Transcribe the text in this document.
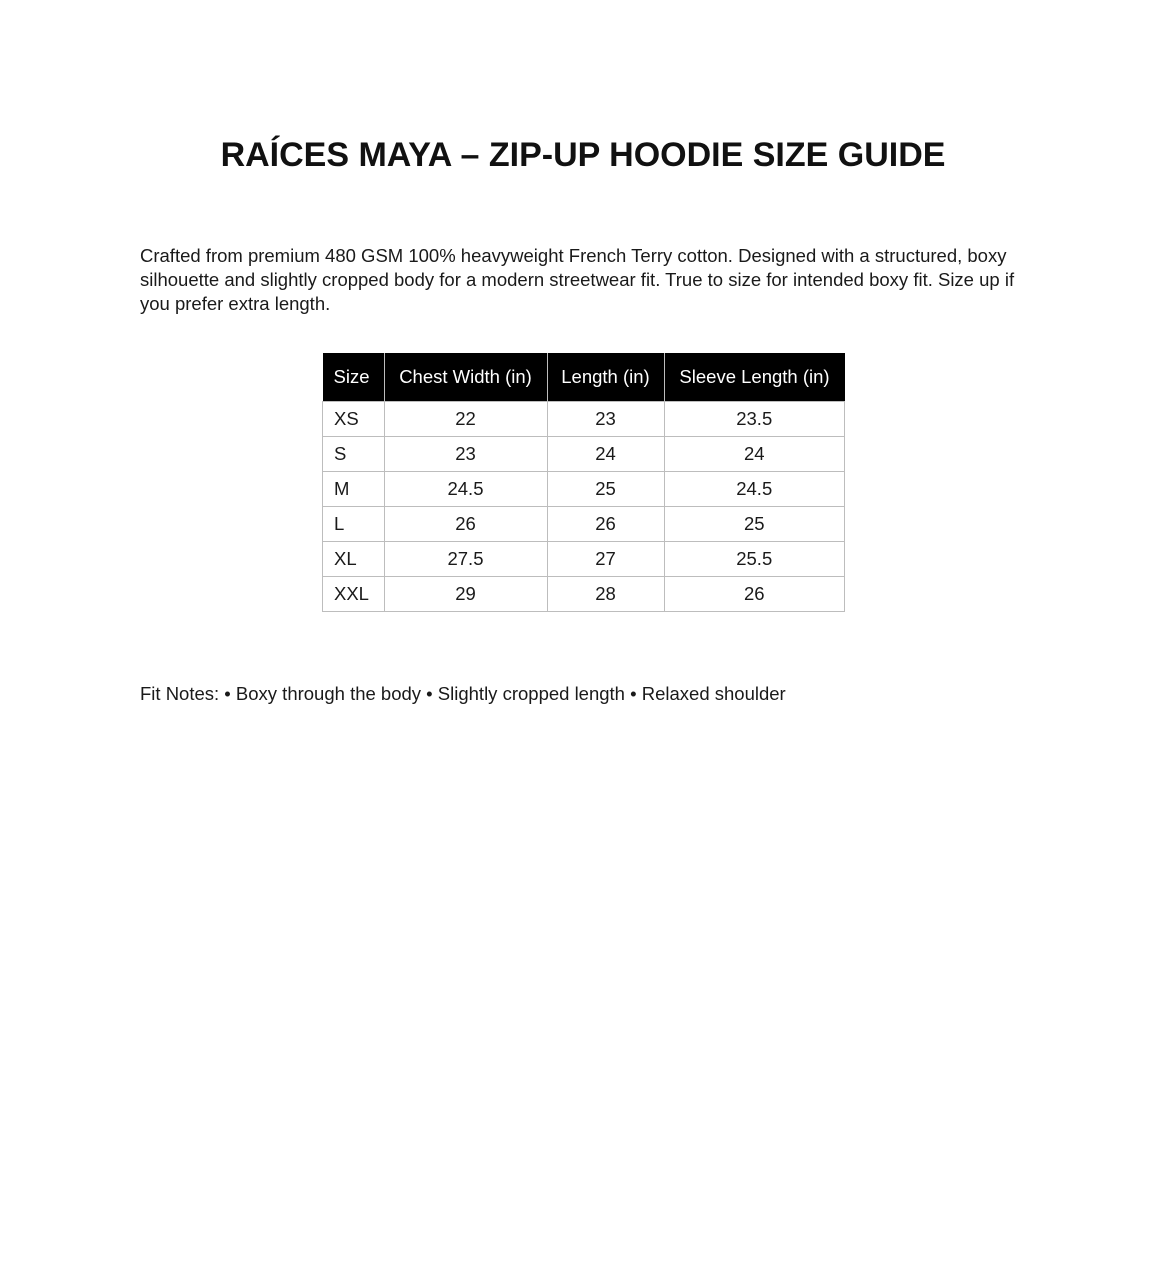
RAÍCES MAYA – ZIP-UP HOODIE SIZE GUIDE

Crafted from premium 480 GSM 100% heavyweight French Terry cotton. Designed with a structured, boxy silhouette and slightly cropped body for a modern streetwear fit. True to size for intended boxy fit. Size up if you prefer extra length.

Size	Chest Width (in)	Length (in)	Sleeve Length (in)
XS	22	23	23.5
S	23	24	24
M	24.5	25	24.5
L	26	26	25
XL	27.5	27	25.5
XXL	29	28	26

Fit Notes: • Boxy through the body • Slightly cropped length • Relaxed shoulder
